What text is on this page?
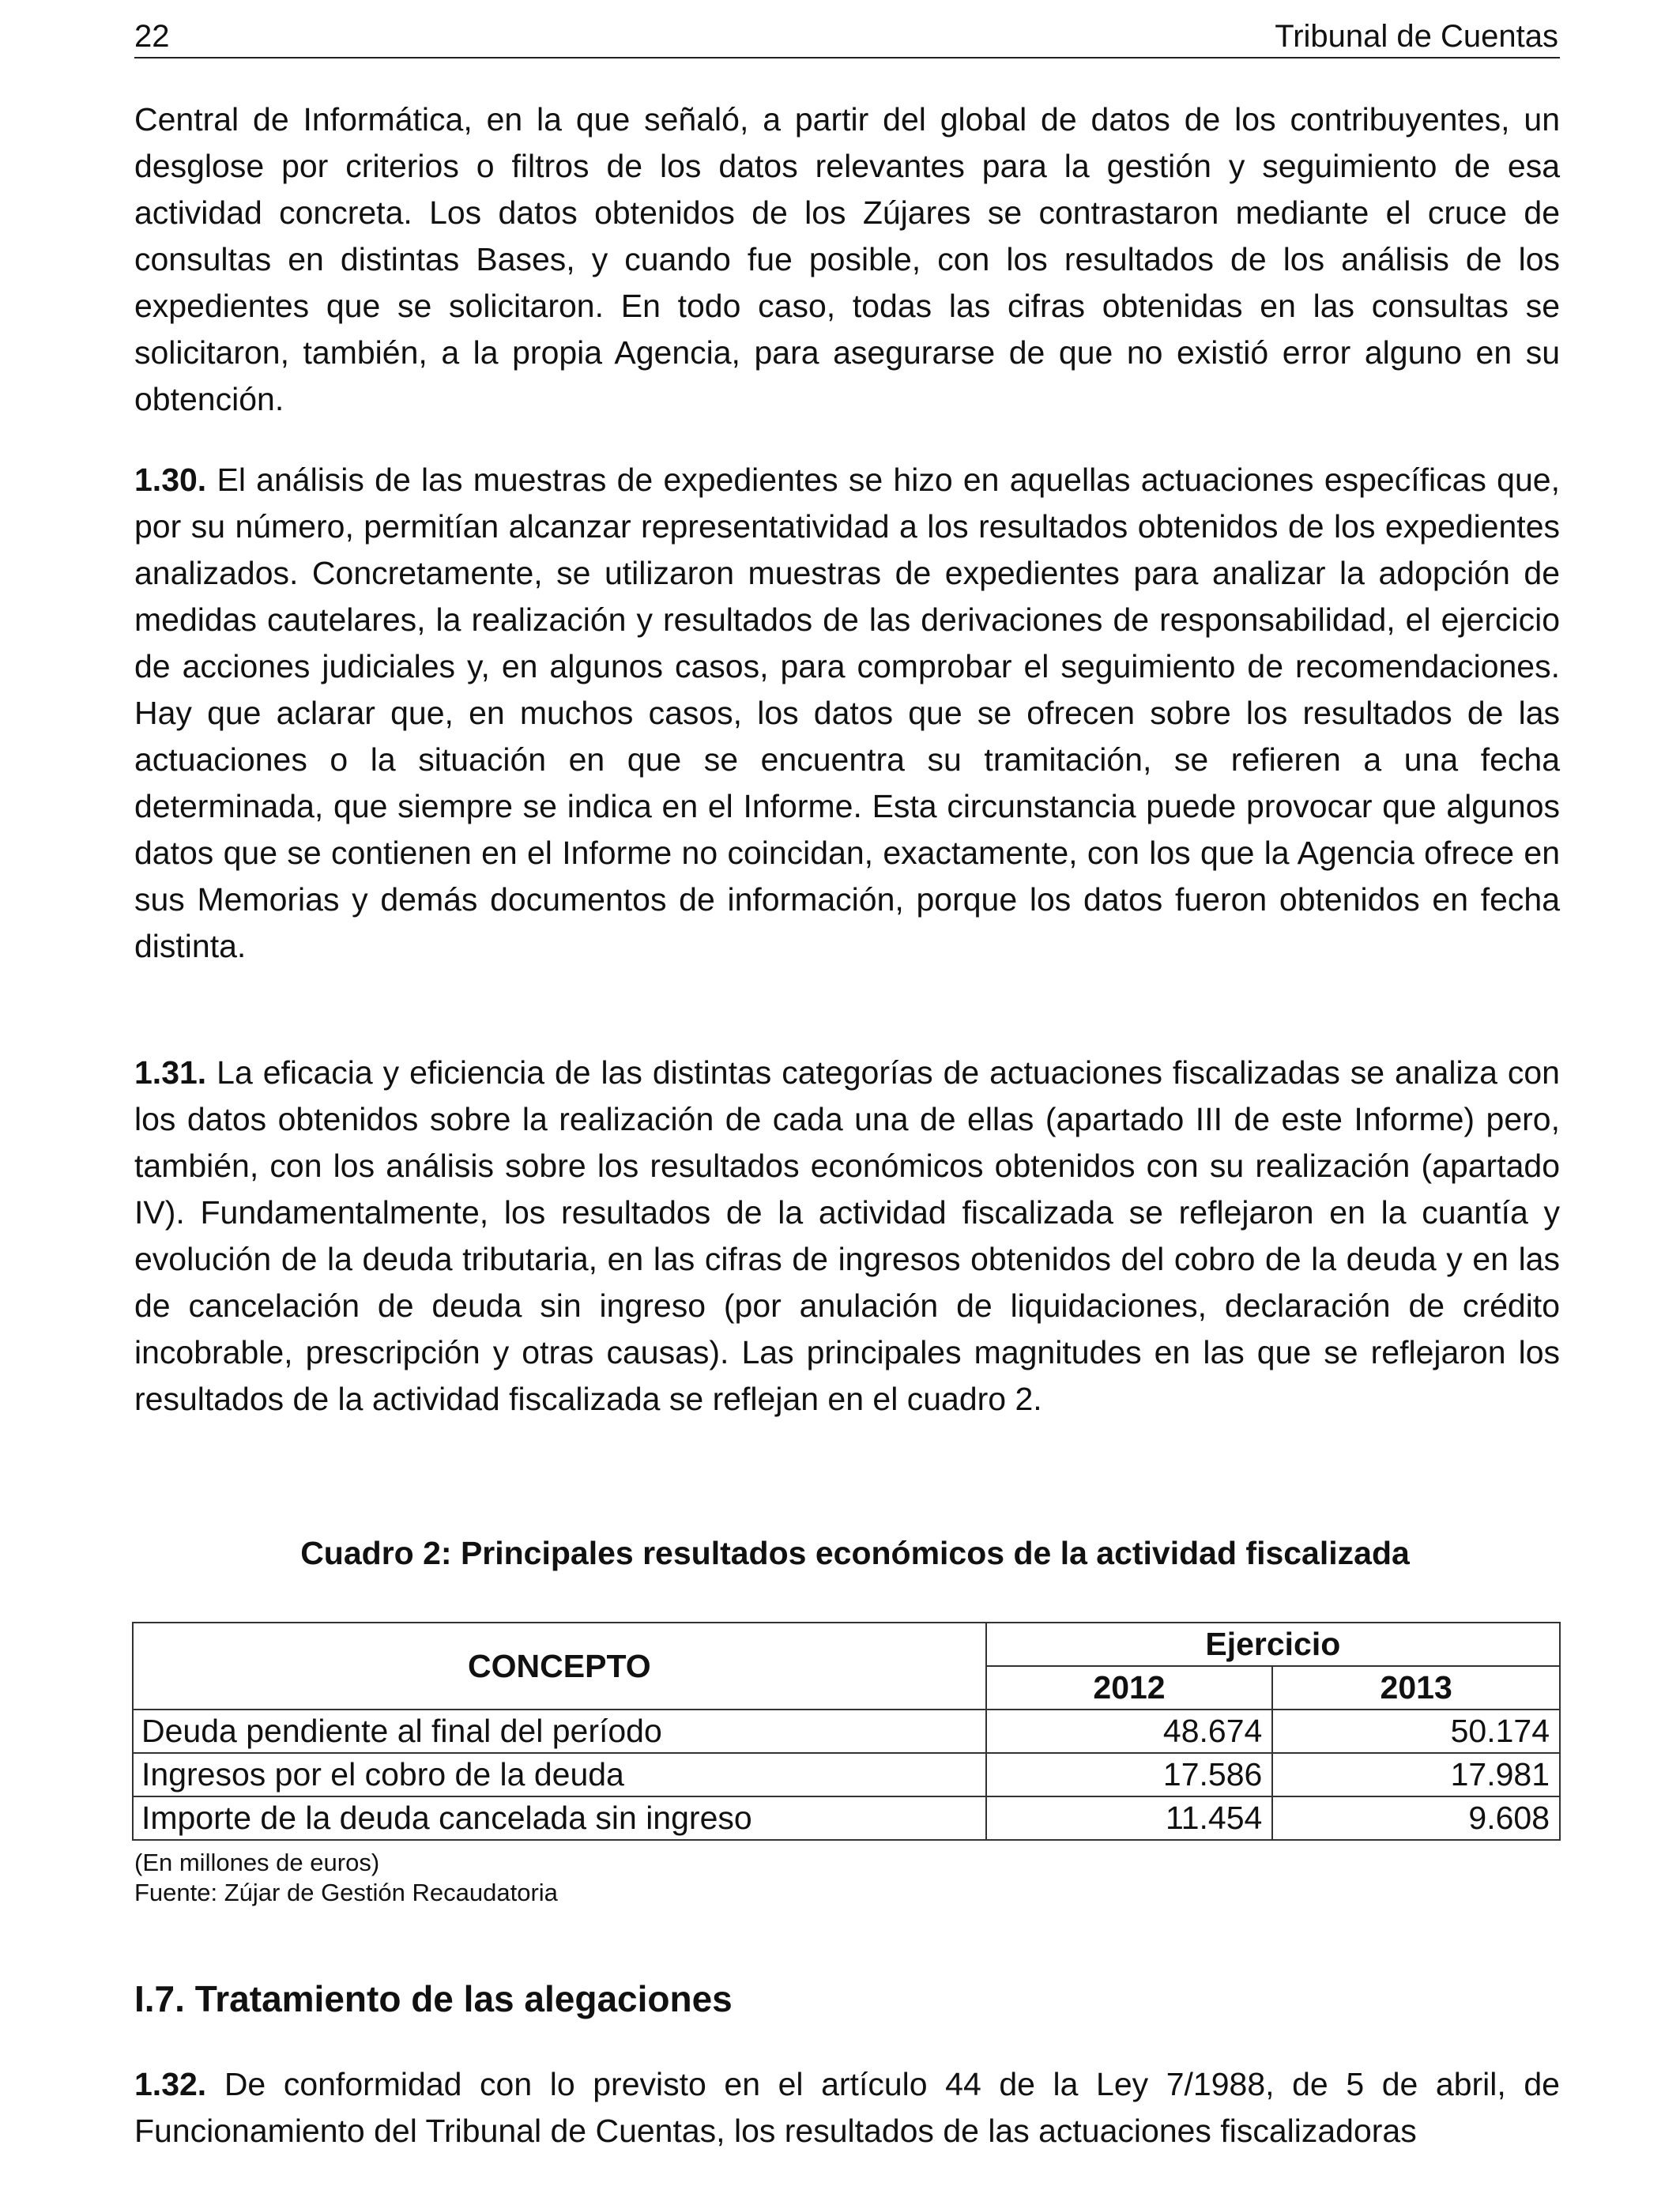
22	Tribunal de Cuentas
Central de Informática, en la que señaló, a partir del global de datos de los contribuyentes, un desglose por criterios o filtros de los datos relevantes para la gestión y seguimiento de esa actividad concreta. Los datos obtenidos de los Zújares se contrastaron mediante el cruce de consultas en distintas Bases, y cuando fue posible, con los resultados de los análisis de los expedientes que se solicitaron. En todo caso, todas las cifras obtenidas en las consultas se solicitaron, también, a la propia Agencia, para asegurarse de que no existió error alguno en su obtención.
1.30. El análisis de las muestras de expedientes se hizo en aquellas actuaciones específicas que, por su número, permitían alcanzar representatividad a los resultados obtenidos de los expedientes analizados. Concretamente, se utilizaron muestras de expedientes para analizar la adopción de medidas cautelares, la realización y resultados de las derivaciones de responsabilidad, el ejercicio de acciones judiciales y, en algunos casos, para comprobar el seguimiento de recomendaciones. Hay que aclarar que, en muchos casos, los datos que se ofrecen sobre los resultados de las actuaciones o la situación en que se encuentra su tramitación, se refieren a una fecha determinada, que siempre se indica en el Informe. Esta circunstancia puede provocar que algunos datos que se contienen en el Informe no coincidan, exactamente, con los que la Agencia ofrece en sus Memorias y demás documentos de información, porque los datos fueron obtenidos en fecha distinta.
1.31. La eficacia y eficiencia de las distintas categorías de actuaciones fiscalizadas se analiza con los datos obtenidos sobre la realización de cada una de ellas (apartado III de este Informe) pero, también, con los análisis sobre los resultados económicos obtenidos con su realización (apartado IV). Fundamentalmente, los resultados de la actividad fiscalizada se reflejaron en la cuantía y evolución de la deuda tributaria, en las cifras de ingresos obtenidos del cobro de la deuda y en las de cancelación de deuda sin ingreso (por anulación de liquidaciones, declaración de crédito incobrable, prescripción y otras causas). Las principales magnitudes en las que se reflejaron los resultados de la actividad fiscalizada se reflejan en el cuadro 2.
Cuadro 2: Principales resultados económicos de la actividad fiscalizada
CONCEPTO	Ejercicio	
	2012	2013
Deuda pendiente al final del período	48.674	50.174
Ingresos por el cobro de la deuda	17.586	17.981
Importe de la deuda cancelada sin ingreso	11.454	9.608
(En millones de euros)
Fuente: Zújar de Gestión Recaudatoria
I.7. Tratamiento de las alegaciones
1.32. De conformidad con lo previsto en el artículo 44 de la Ley 7/1988, de 5 de abril, de Funcionamiento del Tribunal de Cuentas, los resultados de las actuaciones fiscalizadoras
